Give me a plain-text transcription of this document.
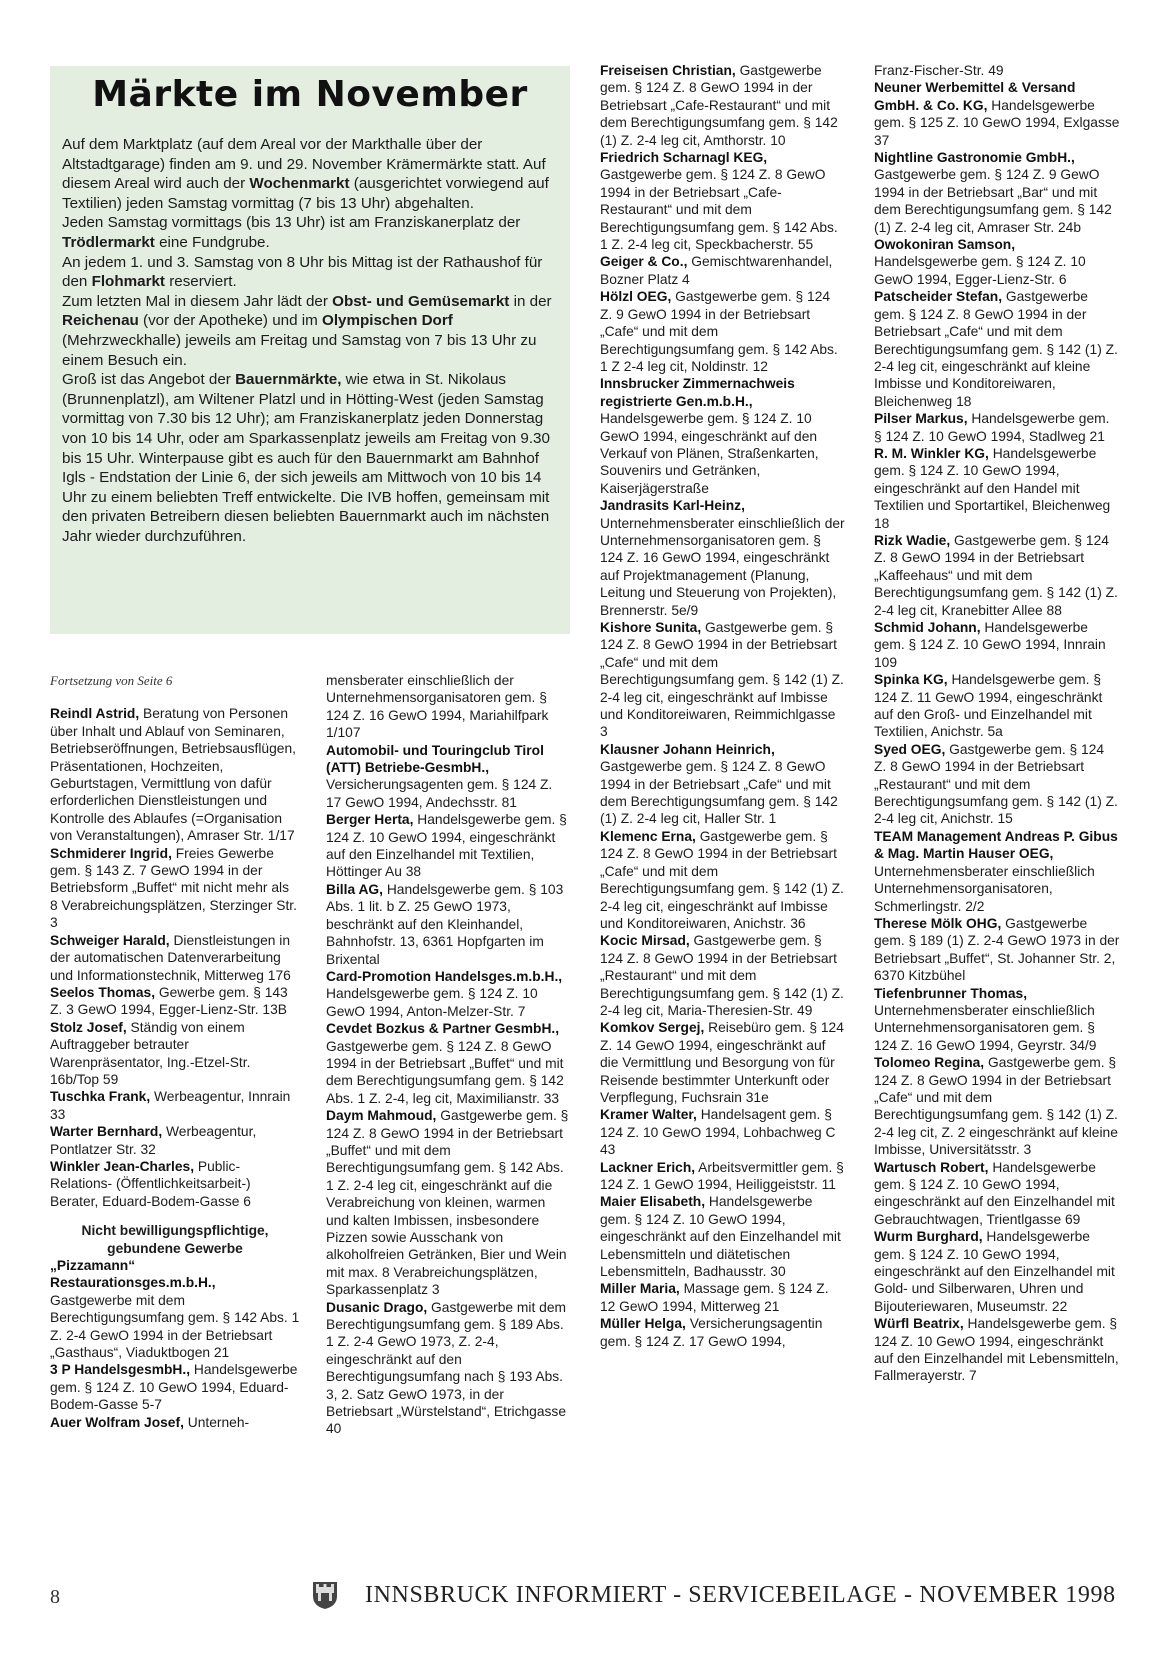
Märkte im November

Auf dem Marktplatz (auf dem Areal vor der Markthalle über der Altstadtgarage) finden am 9. und 29. November Krämermärkte statt. Auf diesem Areal wird auch der Wochenmarkt (ausgerichtet vorwiegend auf Textilien) jeden Samstag vormittag (7 bis 13 Uhr) abgehalten.

Jeden Samstag vormittags (bis 13 Uhr) ist am Franziskanerplatz der Trödlermarkt eine Fundgrube.

An jedem 1. und 3. Samstag von 8 Uhr bis Mittag ist der Rathaushof für den Flohmarkt reserviert.

Zum letzten Mal in diesem Jahr lädt der Obst- und Gemüsemarkt in der Reichenau (vor der Apotheke) und im Olympischen Dorf (Mehrzweckhalle) jeweils am Freitag und Samstag von 7 bis 13 Uhr zu einem Besuch ein.

Groß ist das Angebot der Bauernmärkte, wie etwa in St. Nikolaus (Brunnenplatzl), am Wiltener Platzl und in Hötting-West (jeden Samstag vormittag von 7.30 bis 12 Uhr); am Franziskanerplatz jeden Donnerstag von 10 bis 14 Uhr, oder am Sparkassenplatz jeweils am Freitag von 9.30 bis 15 Uhr. Winterpause gibt es auch für den Bauernmarkt am Bahnhof Igls - Endstation der Linie 6, der sich jeweils am Mittwoch von 10 bis 14 Uhr zu einem beliebten Treff entwickelte. Die IVB hoffen, gemeinsam mit den privaten Betreibern diesen beliebten Bauernmarkt auch im nächsten Jahr wieder durchzuführen.

Fortsetzung von Seite 6

Reindl Astrid, Beratung von Personen über Inhalt und Ablauf von Seminaren, Betriebseröffnungen, Betriebsausflügen, Präsentationen, Hochzeiten, Geburtstagen, Vermittlung von dafür erforderlichen Dienstleistungen und Kontrolle des Ablaufes (=Organisation von Veranstaltungen), Amraser Str. 1/17

Schmiderer Ingrid, Freies Gewerbe gem. § 143 Z. 7 GewO 1994 in der Betriebsform „Buffet“ mit nicht mehr als 8 Verabreichungsplätzen, Sterzinger Str. 3

Schweiger Harald, Dienstleistungen in der automatischen Datenverarbeitung und Informationstechnik, Mitterweg 176

Seelos Thomas, Gewerbe gem. § 143 Z. 3 GewO 1994, Egger-Lienz-Str. 13B

Stolz Josef, Ständig von einem Auftraggeber betrauter Warenpräsentator, Ing.-Etzel-Str. 16b/Top 59

Tuschka Frank, Werbeagentur, Innrain 33

Warter Bernhard, Werbeagentur, Pontlatzer Str. 32

Winkler Jean-Charles, Public-Relations- (Öffentlichkeitsarbeit-) Berater, Eduard-Bodem-Gasse 6

Nicht bewilligungspflichtige, gebundene Gewerbe

„Pizzamann“ Restaurationsges.m.b.H., Gastgewerbe mit dem Berechtigungsumfang gem. § 142 Abs. 1 Z. 2-4 GewO 1994 in der Betriebsart „Gasthaus“, Viaduktbogen 21

3 P HandelsgesmbH., Handelsgewerbe gem. § 124 Z. 10 GewO 1994, Eduard-Bodem-Gasse 5-7

Auer Wolfram Josef, Unterneh-

mensberater einschließlich der Unternehmensorganisatoren gem. § 124 Z. 16 GewO 1994, Mariahilfpark 1/107

Automobil- und Touringclub Tirol (ATT) Betriebe-GesmbH., Versicherungsagenten gem. § 124 Z. 17 GewO 1994, Andechsstr. 81

Berger Herta, Handelsgewerbe gem. § 124 Z. 10 GewO 1994, eingeschränkt auf den Einzelhandel mit Textilien, Höttinger Au 38

Billa AG, Handelsgewerbe gem. § 103 Abs. 1 lit. b Z. 25 GewO 1973, beschränkt auf den Kleinhandel, Bahnhofstr. 13, 6361 Hopfgarten im Brixental

Card-Promotion Handelsges.m.b.H., Handelsgewerbe gem. § 124 Z. 10 GewO 1994, Anton-Melzer-Str. 7

Cevdet Bozkus & Partner GesmbH., Gastgewerbe gem. § 124 Z. 8 GewO 1994 in der Betriebsart „Buffet“ und mit dem Berechtigungsumfang gem. § 142 Abs. 1 Z. 2-4, leg cit, Maximilianstr. 33

Daym Mahmoud, Gastgewerbe gem. § 124 Z. 8 GewO 1994 in der Betriebsart „Buffet“ und mit dem Berechtigungsumfang gem. § 142 Abs. 1 Z. 2-4 leg cit, eingeschränkt auf die Verabreichung von kleinen, warmen und kalten Imbissen, insbesondere Pizzen sowie Ausschank von alkoholfreien Getränken, Bier und Wein mit max. 8 Verabreichungsplätzen, Sparkassenplatz 3

Dusanic Drago, Gastgewerbe mit dem Berechtigungsumfang gem. § 189 Abs. 1 Z. 2-4 GewO 1973, Z. 2-4, eingeschränkt auf den Berechtigungsumfang nach § 193 Abs. 3, 2. Satz GewO 1973, in der Betriebsart „Würstelstand“, Etrichgasse 40

Freiseisen Christian, Gastgewerbe gem. § 124 Z. 8 GewO 1994 in der Betriebsart „Cafe-Restaurant“ und mit dem Berechtigungsumfang gem. § 142 (1) Z. 2-4 leg cit, Amthorstr. 10

Friedrich Scharnagl KEG, Gastgewerbe gem. § 124 Z. 8 GewO 1994 in der Betriebsart „Cafe-Restaurant“ und mit dem Berechtigungsumfang gem. § 142 Abs. 1 Z. 2-4 leg cit, Speckbacherstr. 55

Geiger & Co., Gemischtwarenhandel, Bozner Platz 4

Hölzl OEG, Gastgewerbe gem. § 124 Z. 9 GewO 1994 in der Betriebsart „Cafe“ und mit dem Berechtigungsumfang gem. § 142 Abs. 1 Z 2-4 leg cit, Noldinstr. 12

Innsbrucker Zimmernachweis registrierte Gen.m.b.H., Handelsgewerbe gem. § 124 Z. 10 GewO 1994, eingeschränkt auf den Verkauf von Plänen, Straßenkarten, Souvenirs und Getränken, Kaiserjägerstraße

Jandrasits Karl-Heinz, Unternehmensberater einschließlich der Unternehmensorganisatoren gem. § 124 Z. 16 GewO 1994, eingeschränkt auf Projektmanagement (Planung, Leitung und Steuerung von Projekten), Brennerstr. 5e/9

Kishore Sunita, Gastgewerbe gem. § 124 Z. 8 GewO 1994 in der Betriebsart „Cafe“ und mit dem Berechtigungsumfang gem. § 142 (1) Z. 2-4 leg cit, eingeschränkt auf Imbisse und Konditoreiwaren, Reimmichlgasse 3

Klausner Johann Heinrich, Gastgewerbe gem. § 124 Z. 8 GewO 1994 in der Betriebsart „Cafe“ und mit dem Berechtigungsumfang gem. § 142 (1) Z. 2-4 leg cit, Haller Str. 1

Klemenc Erna, Gastgewerbe gem. § 124 Z. 8 GewO 1994 in der Betriebsart „Cafe“ und mit dem Berechtigungsumfang gem. § 142 (1) Z. 2-4 leg cit, eingeschränkt auf Imbisse und Konditoreiwaren, Anichstr. 36

Kocic Mirsad, Gastgewerbe gem. § 124 Z. 8 GewO 1994 in der Betriebsart „Restaurant“ und mit dem Berechtigungsumfang gem. § 142 (1) Z. 2-4 leg cit, Maria-Theresien-Str. 49

Komkov Sergej, Reisebüro gem. § 124 Z. 14 GewO 1994, eingeschränkt auf die Vermittlung und Besorgung von für Reisende bestimmter Unterkunft oder Verpflegung, Fuchsrain 31e

Kramer Walter, Handelsagent gem. § 124 Z. 10 GewO 1994, Lohbachweg C 43

Lackner Erich, Arbeitsvermittler gem. § 124 Z. 1 GewO 1994, Heiliggeiststr. 11

Maier Elisabeth, Handelsgewerbe gem. § 124 Z. 10 GewO 1994, eingeschränkt auf den Einzelhandel mit Lebensmitteln und diätetischen Lebensmitteln, Badhausstr. 30

Miller Maria, Massage gem. § 124 Z. 12 GewO 1994, Mitterweg 21

Müller Helga, Versicherungsagentin gem. § 124 Z. 17 GewO 1994,

Franz-Fischer-Str. 49

Neuner Werbemittel & Versand GmbH. & Co. KG, Handelsgewerbe gem. § 125 Z. 10 GewO 1994, Exlgasse 37

Nightline Gastronomie GmbH., Gastgewerbe gem. § 124 Z. 9 GewO 1994 in der Betriebsart „Bar“ und mit dem Berechtigungsumfang gem. § 142 (1) Z. 2-4 leg cit, Amraser Str. 24b

Owokoniran Samson, Handelsgewerbe gem. § 124 Z. 10 GewO 1994, Egger-Lienz-Str. 6

Patscheider Stefan, Gastgewerbe gem. § 124 Z. 8 GewO 1994 in der Betriebsart „Cafe“ und mit dem Berechtigungsumfang gem. § 142 (1) Z. 2-4 leg cit, eingeschränkt auf kleine Imbisse und Konditoreiwaren, Bleichenweg 18

Pilser Markus, Handelsgewerbe gem. § 124 Z. 10 GewO 1994, Stadlweg 21

R. M. Winkler KG, Handelsgewerbe gem. § 124 Z. 10 GewO 1994, eingeschränkt auf den Handel mit Textilien und Sportartikel, Bleichenweg 18

Rizk Wadie, Gastgewerbe gem. § 124 Z. 8 GewO 1994 in der Betriebsart „Kaffeehaus“ und mit dem Berechtigungsumfang gem. § 142 (1) Z. 2-4 leg cit, Kranebitter Allee 88

Schmid Johann, Handelsgewerbe gem. § 124 Z. 10 GewO 1994, Innrain 109

Spinka KG, Handelsgewerbe gem. § 124 Z. 11 GewO 1994, eingeschränkt auf den Groß- und Einzelhandel mit Textilien, Anichstr. 5a

Syed OEG, Gastgewerbe gem. § 124 Z. 8 GewO 1994 in der Betriebsart „Restaurant“ und mit dem Berechtigungsumfang gem. § 142 (1) Z. 2-4 leg cit, Anichstr. 15

TEAM Management Andreas P. Gibus & Mag. Martin Hauser OEG, Unternehmensberater einschließlich Unternehmensorganisatoren, Schmerlingstr. 2/2

Therese Mölk OHG, Gastgewerbe gem. § 189 (1) Z. 2-4 GewO 1973 in der Betriebsart „Buffet“, St. Johanner Str. 2, 6370 Kitzbühel

Tiefenbrunner Thomas, Unternehmensberater einschließlich Unternehmensorganisatoren gem. § 124 Z. 16 GewO 1994, Geyrstr. 34/9

Tolomeo Regina, Gastgewerbe gem. § 124 Z. 8 GewO 1994 in der Betriebsart „Cafe“ und mit dem Berechtigungsumfang gem. § 142 (1) Z. 2-4 leg cit, Z. 2 eingeschränkt auf kleine Imbisse, Universitätsstr. 3

Wartusch Robert, Handelsgewerbe gem. § 124 Z. 10 GewO 1994, eingeschränkt auf den Einzelhandel mit Gebrauchtwagen, Trientlgasse 69

Wurm Burghard, Handelsgewerbe gem. § 124 Z. 10 GewO 1994, eingeschränkt auf den Einzelhandel mit Gold- und Silberwaren, Uhren und Bijouteriewaren, Museumstr. 22

Würfl Beatrix, Handelsgewerbe gem. § 124 Z. 10 GewO 1994, eingeschränkt auf den Einzelhandel mit Lebensmitteln, Fallmerayerstr. 7

8	INNSBRUCK INFORMIERT - SERVICEBEILAGE - NOVEMBER 1998
